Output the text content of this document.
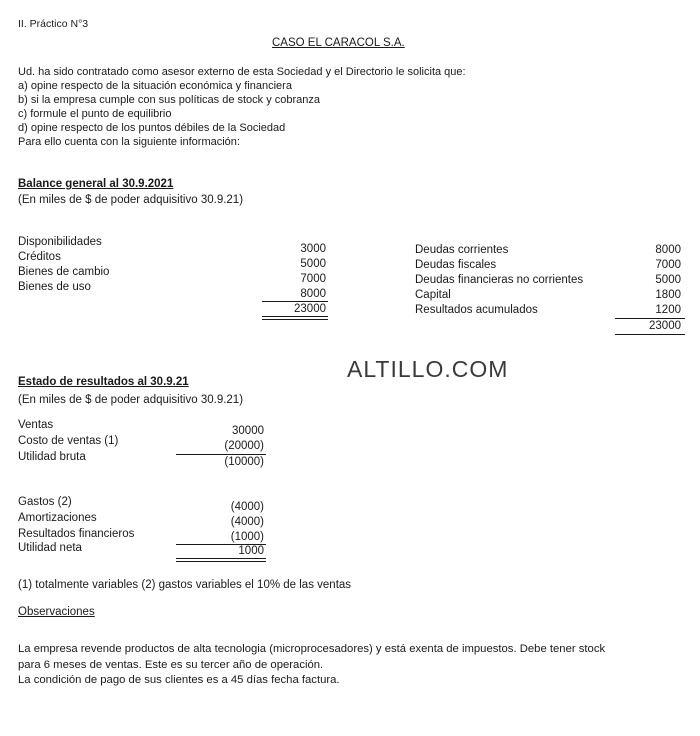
II. Práctico N°3
CASO EL CARACOL S.A.
Ud. ha sido contratado como asesor externo de esta Sociedad y el Directorio le solicita que:
a) opine respecto de la situación económica y financiera
b) si la empresa cumple con sus políticas de stock y cobranza
c) formule el punto de equilibrio
d) opine respecto de los puntos débiles de la Sociedad
Para ello cuenta con la siguiente información:
Balance general al 30.9.2021
(En miles de $ de poder adquisitivo 30.9.21)
Disponibilidades
Créditos
Bienes de cambio
Bienes de uso
3000
5000
7000
8000
23000
Deudas corrientes
Deudas fiscales
Deudas financieras no corrientes
Capital
Resultados acumulados
8000
7000
5000
1800
1200
23000
ALTILLO.COM
Estado de resultados al 30.9.21
(En miles de $ de poder adquisitivo 30.9.21)
Ventas
Costo de ventas (1)
Utilidad bruta
30000
(20000)
(10000)
Gastos (2)
Amortizaciones
Resultados financieros
Utilidad neta
(4000)
(4000)
(1000)
1000
(1) totalmente variables (2) gastos variables el 10% de las ventas
Observaciones
La empresa revende productos de alta tecnologia (microprocesadores) y está exenta de impuestos. Debe tener stock
para 6 meses de ventas. Este es su tercer año de operación.
La condición de pago de sus clientes es a 45 días fecha factura.
